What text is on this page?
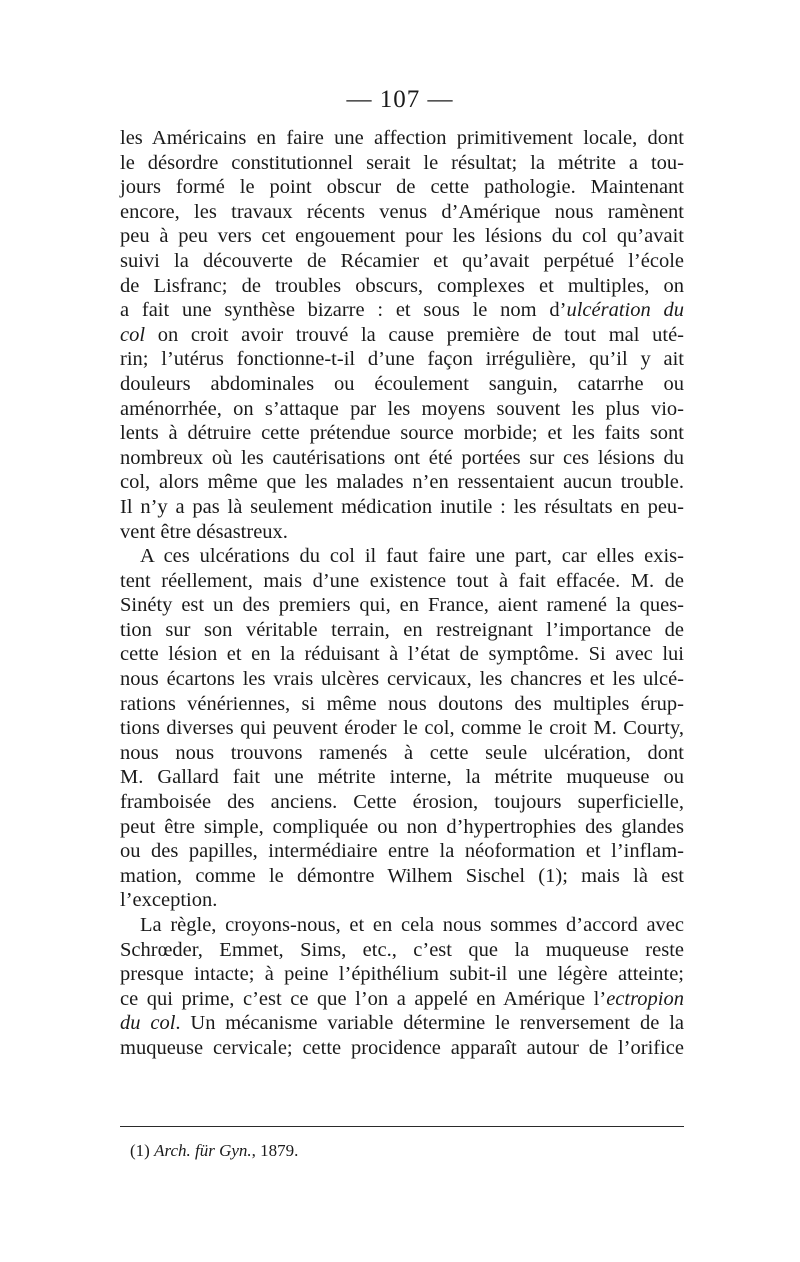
— 107 —
les Américains en faire une affection primitivement locale, dont
le désordre constitutionnel serait le résultat; la métrite a tou-
jours formé le point obscur de cette pathologie. Maintenant
encore, les travaux récents venus d’Amérique nous ramènent
peu à peu vers cet engouement pour les lésions du col qu’avait
suivi la découverte de Récamier et qu’avait perpétué l’école
de Lisfranc; de troubles obscurs, complexes et multiples, on
a fait une synthèse bizarre : et sous le nom d’ulcération du
col on croit avoir trouvé la cause première de tout mal uté-
rin; l’utérus fonctionne-t-il d’une façon irrégulière, qu’il y ait
douleurs abdominales ou écoulement sanguin, catarrhe ou
aménorrhée, on s’attaque par les moyens souvent les plus vio-
lents à détruire cette prétendue source morbide; et les faits sont
nombreux où les cautérisations ont été portées sur ces lésions du
col, alors même que les malades n’en ressentaient aucun trouble.
Il n’y a pas là seulement médication inutile : les résultats en peu-
vent être désastreux.
A ces ulcérations du col il faut faire une part, car elles exis-
tent réellement, mais d’une existence tout à fait effacée. M. de
Sinéty est un des premiers qui, en France, aient ramené la ques-
tion sur son véritable terrain, en restreignant l’importance de
cette lésion et en la réduisant à l’état de symptôme. Si avec lui
nous écartons les vrais ulcères cervicaux, les chancres et les ulcé-
rations vénériennes, si même nous doutons des multiples érup-
tions diverses qui peuvent éroder le col, comme le croit M. Courty,
nous nous trouvons ramenés à cette seule ulcération, dont
M. Gallard fait une métrite interne, la métrite muqueuse ou
framboisée des anciens. Cette érosion, toujours superficielle,
peut être simple, compliquée ou non d’hypertrophies des glandes
ou des papilles, intermédiaire entre la néoformation et l’inflam-
mation, comme le démontre Wilhem Sischel (1); mais là est
l’exception.
La règle, croyons-nous, et en cela nous sommes d’accord avec
Schrœder, Emmet, Sims, etc., c’est que la muqueuse reste
presque intacte; à peine l’épithélium subit-il une légère atteinte;
ce qui prime, c’est ce que l’on a appelé en Amérique l’ectropion
du col. Un mécanisme variable détermine le renversement de la
muqueuse cervicale; cette procidence apparaît autour de l’orifice
(1) Arch. für Gyn., 1879.
